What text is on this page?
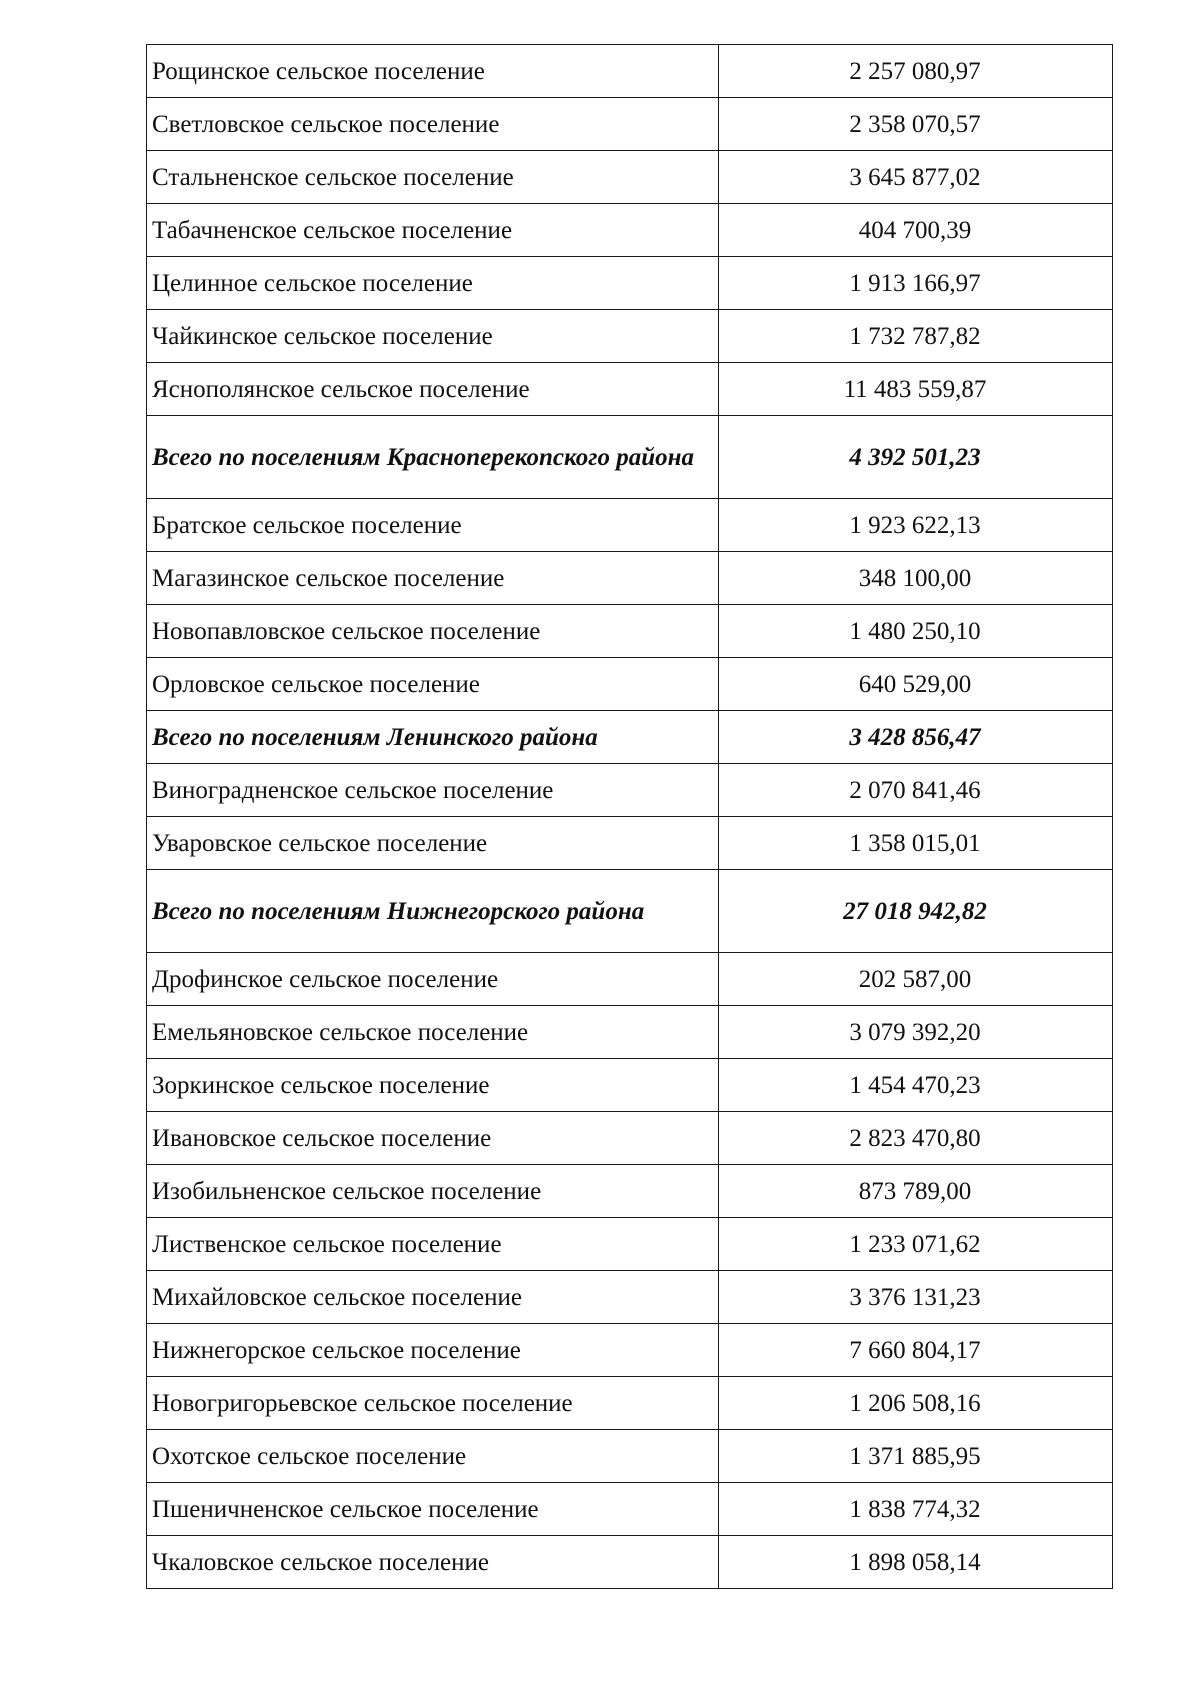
Рощинское сельское поселение	2 257 080,97
Светловское сельское поселение	2 358 070,57
Стальненское сельское поселение	3 645 877,02
Табачненское сельское поселение	404 700,39
Целинное сельское поселение	1 913 166,97
Чайкинское сельское поселение	1 732 787,82
Яснополянское сельское поселение	11 483 559,87
Всего по поселениям Красноперекопского района	4 392 501,23
Братское сельское поселение	1 923 622,13
Магазинское сельское поселение	348 100,00
Новопавловское сельское поселение	1 480 250,10
Орловское сельское поселение	640 529,00
Всего по поселениям Ленинского района	3 428 856,47
Виноградненское сельское поселение	2 070 841,46
Уваровское сельское поселение	1 358 015,01
Всего по поселениям Нижнегорского района	27 018 942,82
Дрофинское сельское поселение	202 587,00
Емельяновское сельское поселение	3 079 392,20
Зоркинское сельское поселение	1 454 470,23
Ивановское сельское поселение	2 823 470,80
Изобильненское сельское поселение	873 789,00
Лиственское сельское поселение	1 233 071,62
Михайловское сельское поселение	3 376 131,23
Нижнегорское сельское поселение	7 660 804,17
Новогригорьевское сельское поселение	1 206 508,16
Охотское сельское поселение	1 371 885,95
Пшеничненское сельское поселение	1 838 774,32
Чкаловское сельское поселение	1 898 058,14
